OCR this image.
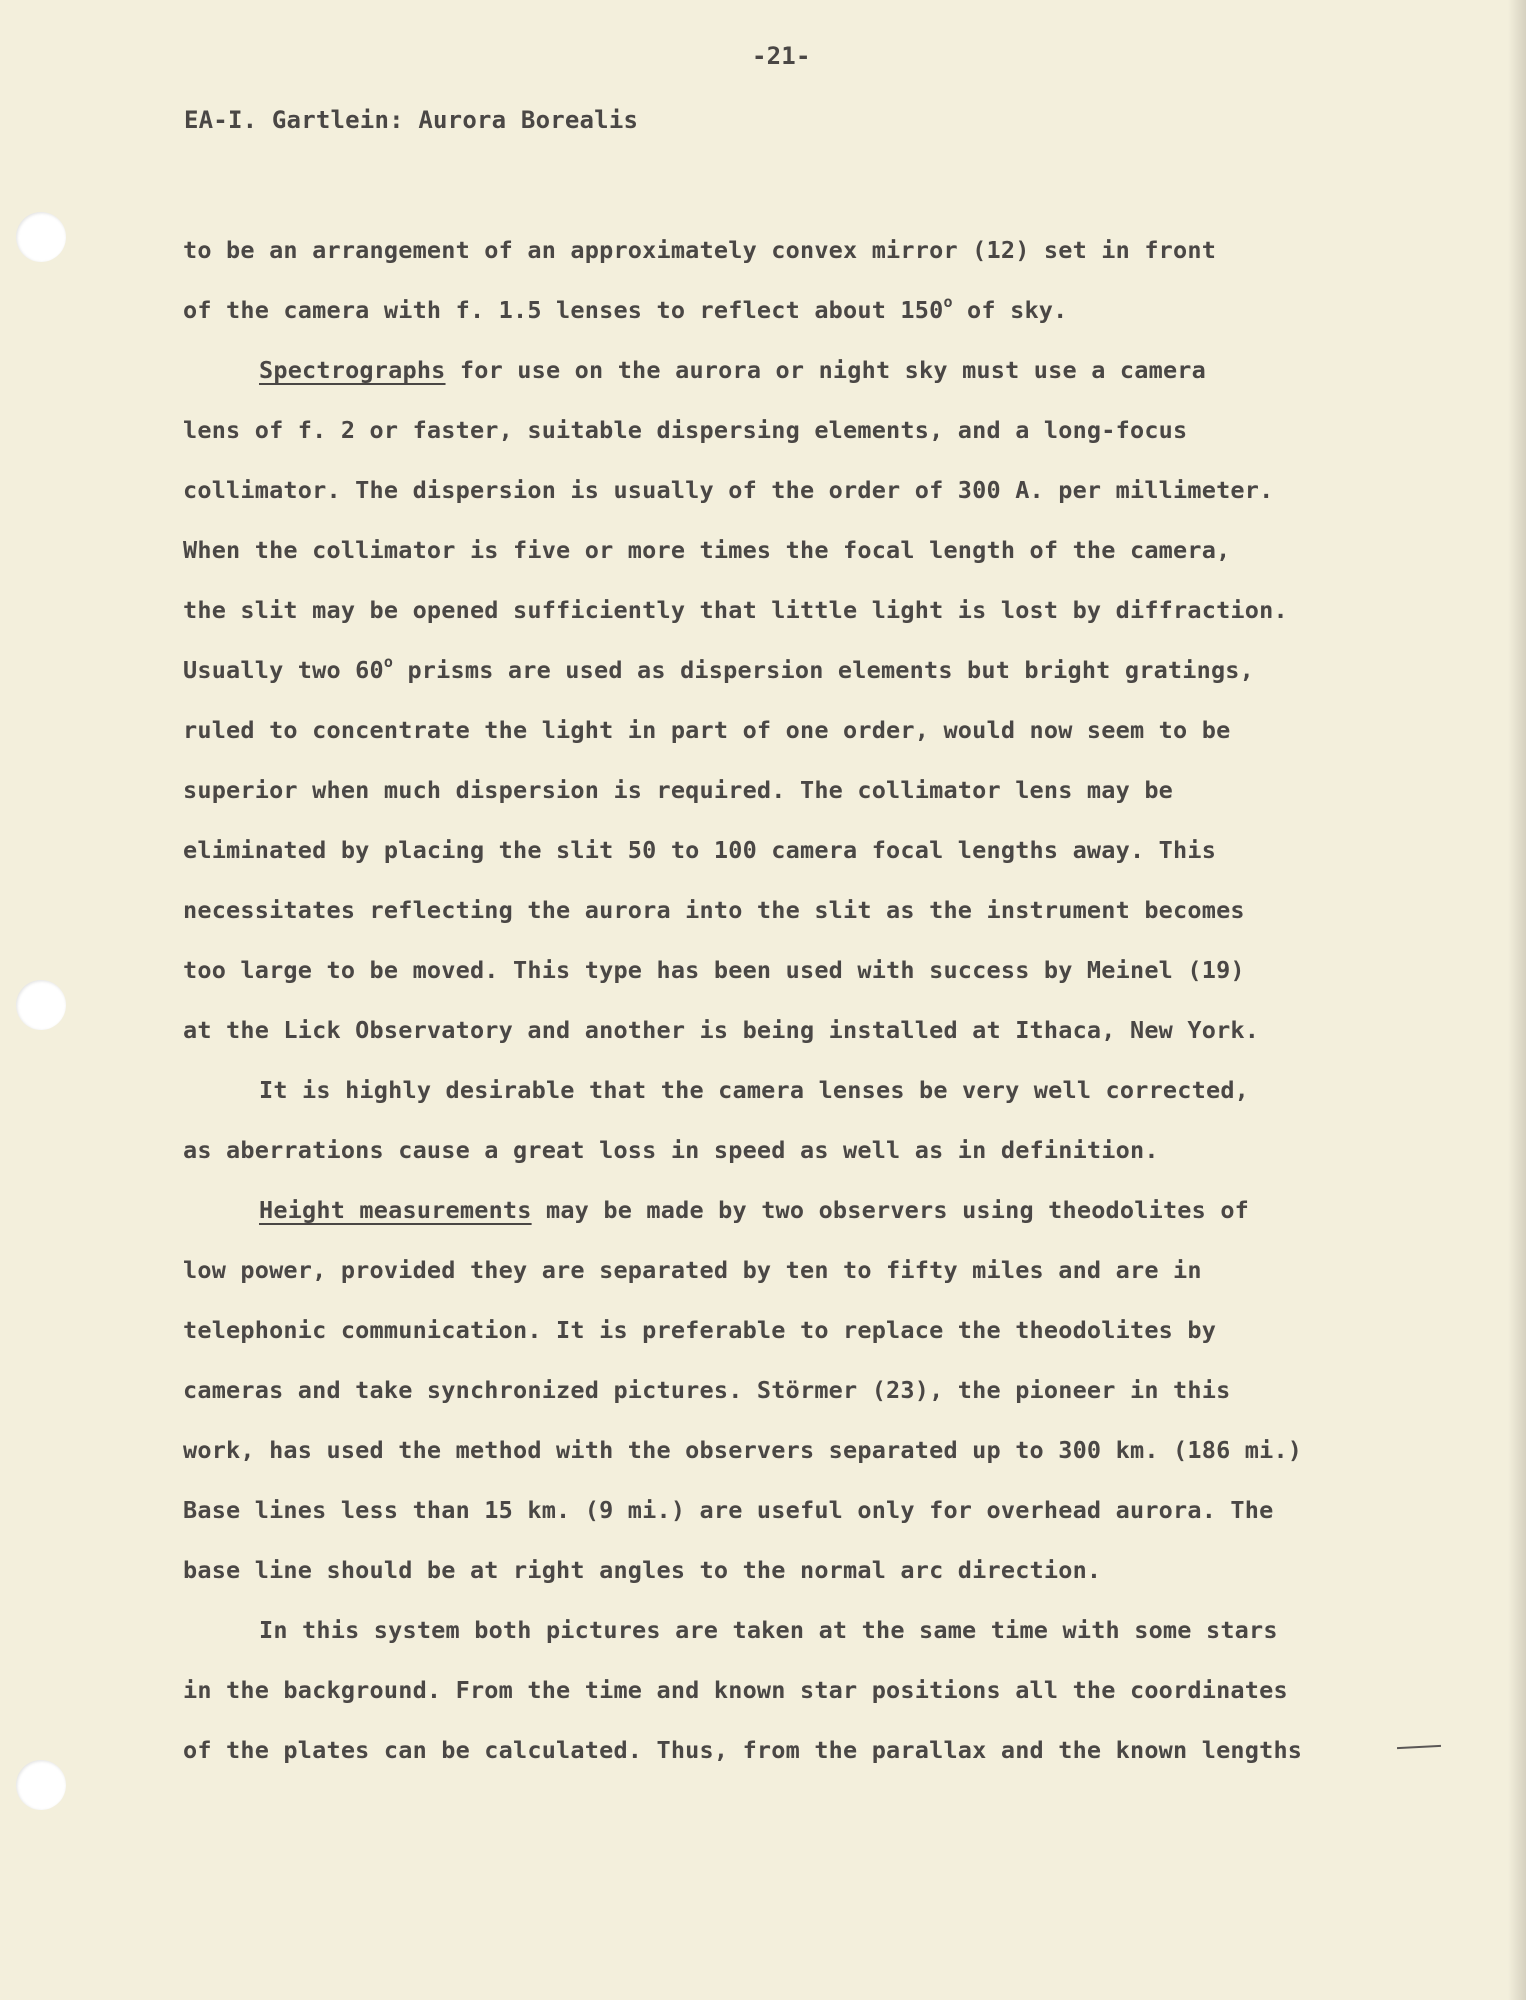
-21-
EA-I. Gartlein: Aurora Borealis
to be an arrangement of an approximately convex mirror (12) set in front
of the camera with f. 1.5 lenses to reflect about 150$^o$ of sky.
Spectrographs for use on the aurora or night sky must use a camera
lens of f. 2 or faster, suitable dispersing elements, and a long-focus
collimator. The dispersion is usually of the order of 300 A. per millimeter.
When the collimator is five or more times the focal length of the camera,
the slit may be opened sufficiently that little light is lost by diffraction.
Usually two 60$^o$ prisms are used as dispersion elements but bright gratings,
ruled to concentrate the light in part of one order, would now seem to be
superior when much dispersion is required. The collimator lens may be
eliminated by placing the slit 50 to 100 camera focal lengths away. This
necessitates reflecting the aurora into the slit as the instrument becomes
too large to be moved. This type has been used with success by Meinel (19)
at the Lick Observatory and another is being installed at Ithaca, New York.
It is highly desirable that the camera lenses be very well corrected,
as aberrations cause a great loss in speed as well as in definition.
Height measurements may be made by two observers using theodolites of
low power, provided they are separated by ten to fifty miles and are in
telephonic communication. It is preferable to replace the theodolites by
cameras and take synchronized pictures. Störmer (23), the pioneer in this
work, has used the method with the observers separated up to 300 km. (186 mi.)
Base lines less than 15 km. (9 mi.) are useful only for overhead aurora. The
base line should be at right angles to the normal arc direction.
In this system both pictures are taken at the same time with some stars
in the background. From the time and known star positions all the coordinates
of the plates can be calculated. Thus, from the parallax and the known lengths
